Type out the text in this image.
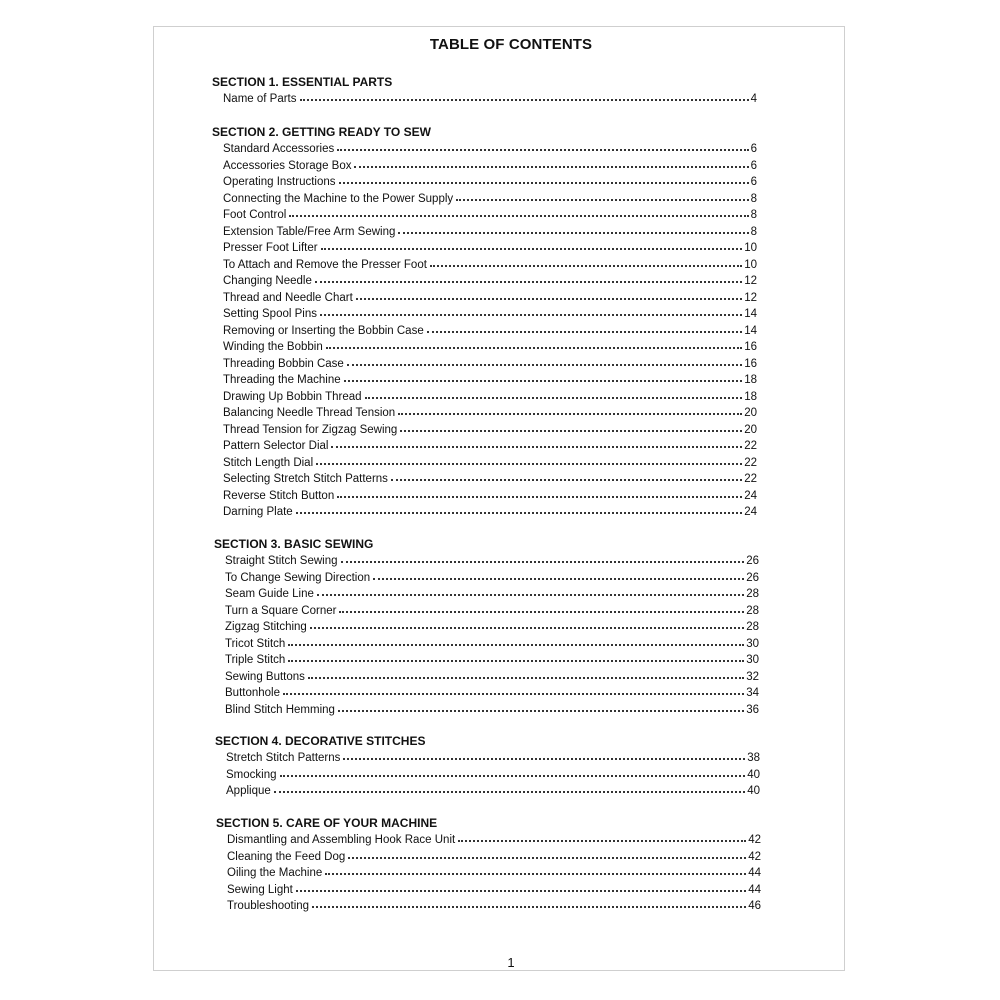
TABLE OF CONTENTS
SECTION 1. ESSENTIAL PARTS
Name of Parts	4
SECTION 2. GETTING READY TO SEW
Standard Accessories	6
Accessories Storage Box	6
Operating Instructions	6
Connecting the Machine to the Power Supply	8
Foot Control	8
Extension Table/Free Arm Sewing	8
Presser Foot Lifter	10
To Attach and Remove the Presser Foot	10
Changing Needle	12
Thread and Needle Chart	12
Setting Spool Pins	14
Removing or Inserting the Bobbin Case	14
Winding the Bobbin	16
Threading Bobbin Case	16
Threading the Machine	18
Drawing Up Bobbin Thread	18
Balancing Needle Thread Tension	20
Thread Tension for Zigzag Sewing	20
Pattern Selector Dial	22
Stitch Length Dial	22
Selecting Stretch Stitch Patterns	22
Reverse Stitch Button	24
Darning Plate	24
SECTION 3. BASIC SEWING
Straight Stitch Sewing	26
To Change Sewing Direction	26
Seam Guide Line	28
Turn a Square Corner	28
Zigzag Stitching	28
Tricot Stitch	30
Triple Stitch	30
Sewing Buttons	32
Buttonhole	34
Blind Stitch Hemming	36
SECTION 4. DECORATIVE STITCHES
Stretch Stitch Patterns	38
Smocking	40
Applique	40
SECTION 5. CARE OF YOUR MACHINE
Dismantling and Assembling Hook Race Unit	42
Cleaning the Feed Dog	42
Oiling the Machine	44
Sewing Light	44
Troubleshooting	46
1
